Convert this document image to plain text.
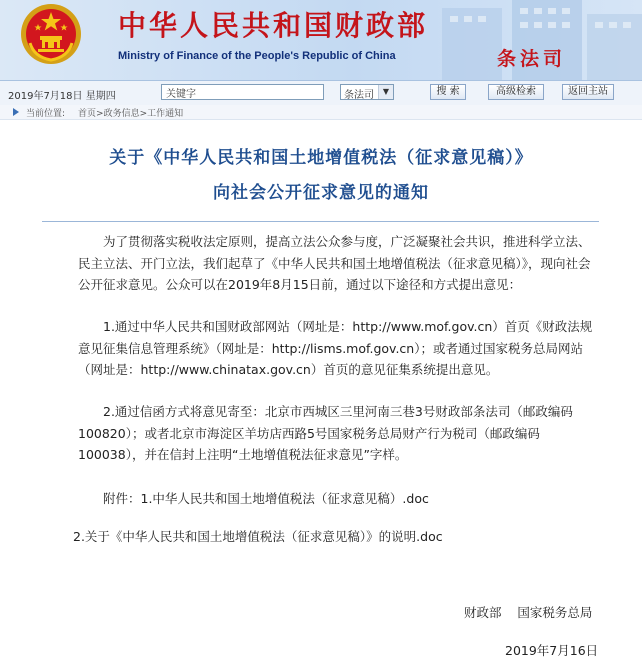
中华人民共和国财政部
Ministry of Finance of the People's Republic of China	条法司
2019年7月18日 星期四
关键字	条法司	▼	搜 索	高级检索	返回主站
当前位置: 首页>政务信息>工作通知
关于《中华人民共和国土地增值税法（征求意见稿）》
向社会公开征求意见的通知

为了贯彻落实税收法定原则，提高立法公众参与度，广泛凝聚社会共识，推进科学立法、民主立法、开门立法，我们起草了《中华人民共和国土地增值税法（征求意见稿）》，现向社会公开征求意见。公众可以在2019年8月15日前，通过以下途径和方式提出意见：

1.通过中华人民共和国财政部网站（网址是：http://www.mof.gov.cn）首页《财政法规意见征集信息管理系统》（网址是：http://lisms.mof.gov.cn）；或者通过国家税务总局网站（网址是：http://www.chinatax.gov.cn）首页的意见征集系统提出意见。

2.通过信函方式将意见寄至：北京市西城区三里河南三巷3号财政部条法司（邮政编码100820）；或者北京市海淀区羊坊店西路5号国家税务总局财产行为税司（邮政编码100038），并在信封上注明“土地增值税法征求意见”字样。

附件：1.中华人民共和国土地增值税法（征求意见稿）.doc
2.关于《中华人民共和国土地增值税法（征求意见稿）》的说明.doc
财政部    国家税务总局
2019年7月16日
